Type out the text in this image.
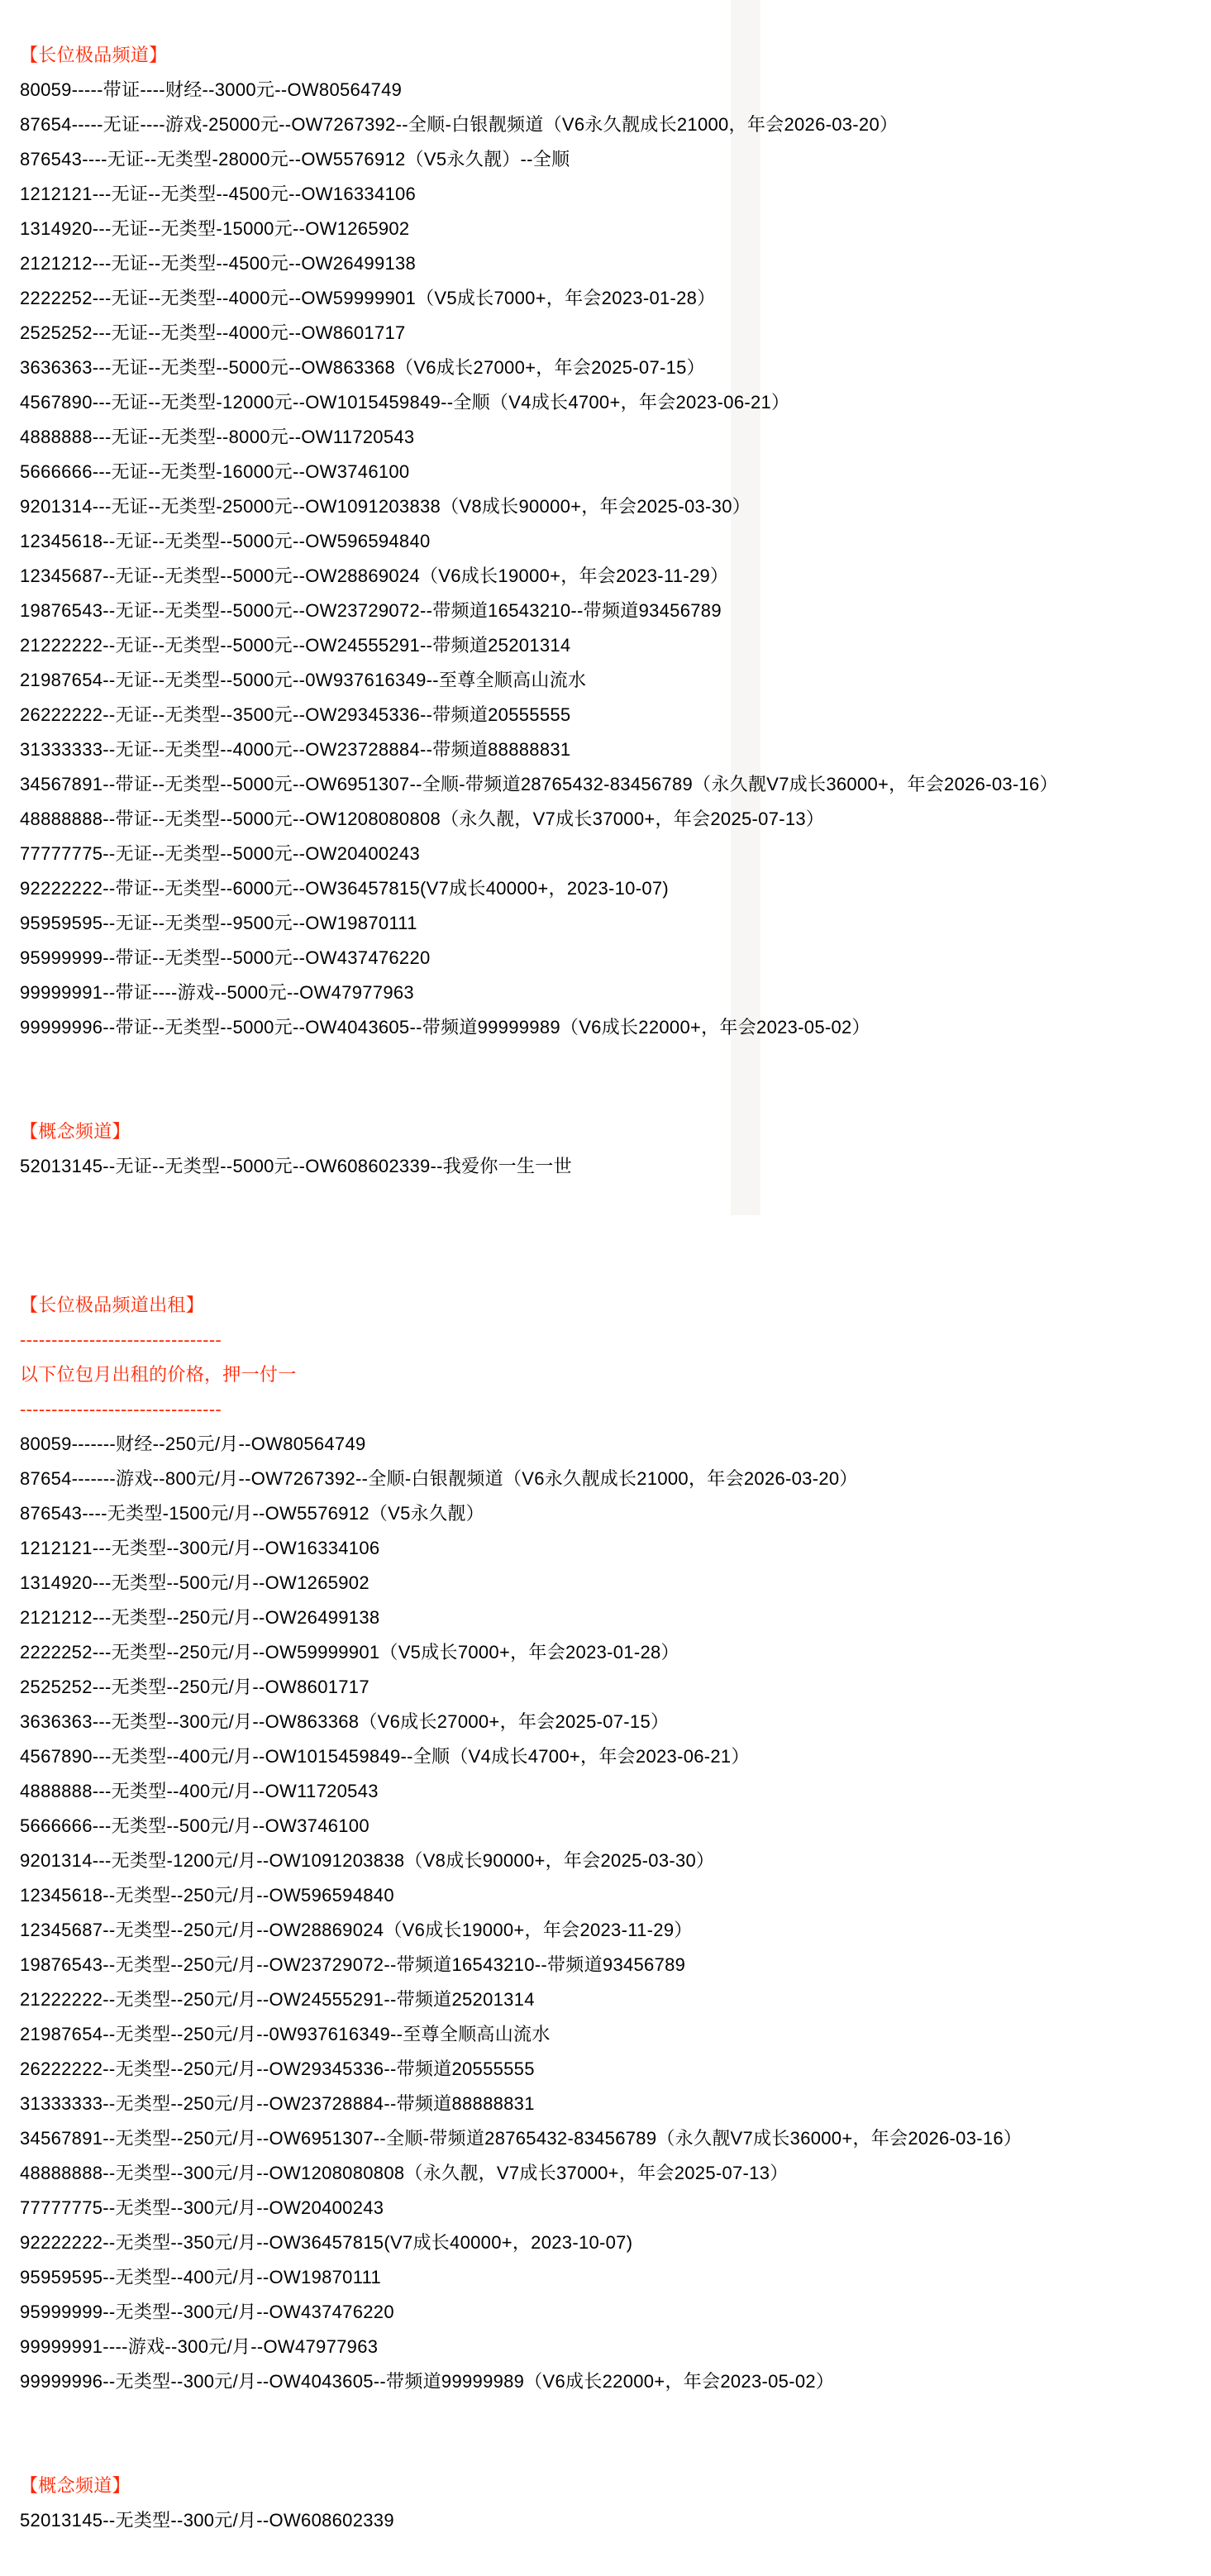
【长位极品频道】
80059-----带证----财经--3000元--OW80564749
87654-----无证----游戏-25000元--OW7267392--全顺-白银靓频道（V6永久靓成长21000，年会2026-03-20）
876543----无证--无类型-28000元--OW5576912（V5永久靓）--全顺
1212121---无证--无类型--4500元--OW16334106
1314920---无证--无类型-15000元--OW1265902
2121212---无证--无类型--4500元--OW26499138
2222252---无证--无类型--4000元--OW59999901（V5成长7000+，年会2023-01-28）
2525252---无证--无类型--4000元--OW8601717
3636363---无证--无类型--5000元--OW863368（V6成长27000+，年会2025-07-15）
4567890---无证--无类型-12000元--OW1015459849--全顺（V4成长4700+，年会2023-06-21）
4888888---无证--无类型--8000元--OW11720543
5666666---无证--无类型-16000元--OW3746100
9201314---无证--无类型-25000元--OW1091203838（V8成长90000+，年会2025-03-30）
12345618--无证--无类型--5000元--OW596594840
12345687--无证--无类型--5000元--OW28869024（V6成长19000+，年会2023-11-29）
19876543--无证--无类型--5000元--OW23729072--带频道16543210--带频道93456789
21222222--无证--无类型--5000元--OW24555291--带频道25201314
21987654--无证--无类型--5000元--0W937616349--至尊全顺高山流水
26222222--无证--无类型--3500元--OW29345336--带频道20555555
31333333--无证--无类型--4000元--OW23728884--带频道88888831
34567891--带证--无类型--5000元--OW6951307--全顺-带频道28765432-83456789（永久靓V7成长36000+，年会2026-03-16）
48888888--带证--无类型--5000元--OW1208080808（永久靓，V7成长37000+，年会2025-07-13）
77777775--无证--无类型--5000元--OW20400243
92222222--带证--无类型--6000元--OW36457815(V7成长40000+，2023-10-07)
95959595--无证--无类型--9500元--OW19870111
95999999--带证--无类型--5000元--OW437476220
99999991--带证----游戏--5000元--OW47977963
99999996--带证--无类型--5000元--OW4043605--带频道99999989（V6成长22000+，年会2023-05-02）
【概念频道】
52013145--无证--无类型--5000元--OW608602339--我爱你一生一世
【长位极品频道出租】
--------------------------------
以下位包月出租的价格，押一付一
--------------------------------
80059-------财经--250元/月--OW80564749
87654-------游戏--800元/月--OW7267392--全顺-白银靓频道（V6永久靓成长21000，年会2026-03-20）
876543----无类型-1500元/月--OW5576912（V5永久靓）
1212121---无类型--300元/月--OW16334106
1314920---无类型--500元/月--OW1265902
2121212---无类型--250元/月--OW26499138
2222252---无类型--250元/月--OW59999901（V5成长7000+，年会2023-01-28）
2525252---无类型--250元/月--OW8601717
3636363---无类型--300元/月--OW863368（V6成长27000+，年会2025-07-15）
4567890---无类型--400元/月--OW1015459849--全顺（V4成长4700+，年会2023-06-21）
4888888---无类型--400元/月--OW11720543
5666666---无类型--500元/月--OW3746100
9201314---无类型-1200元/月--OW1091203838（V8成长90000+，年会2025-03-30）
12345618--无类型--250元/月--OW596594840
12345687--无类型--250元/月--OW28869024（V6成长19000+，年会2023-11-29）
19876543--无类型--250元/月--OW23729072--带频道16543210--带频道93456789
21222222--无类型--250元/月--OW24555291--带频道25201314
21987654--无类型--250元/月--0W937616349--至尊全顺高山流水
26222222--无类型--250元/月--OW29345336--带频道20555555
31333333--无类型--250元/月--OW23728884--带频道88888831
34567891--无类型--250元/月--OW6951307--全顺-带频道28765432-83456789（永久靓V7成长36000+，年会2026-03-16）
48888888--无类型--300元/月--OW1208080808（永久靓，V7成长37000+，年会2025-07-13）
77777775--无类型--300元/月--OW20400243
92222222--无类型--350元/月--OW36457815(V7成长40000+，2023-10-07)
95959595--无类型--400元/月--OW19870111
95999999--无类型--300元/月--OW437476220
99999991----游戏--300元/月--OW47977963
99999996--无类型--300元/月--OW4043605--带频道99999989（V6成长22000+，年会2023-05-02）
【概念频道】
52013145--无类型--300元/月--OW608602339
